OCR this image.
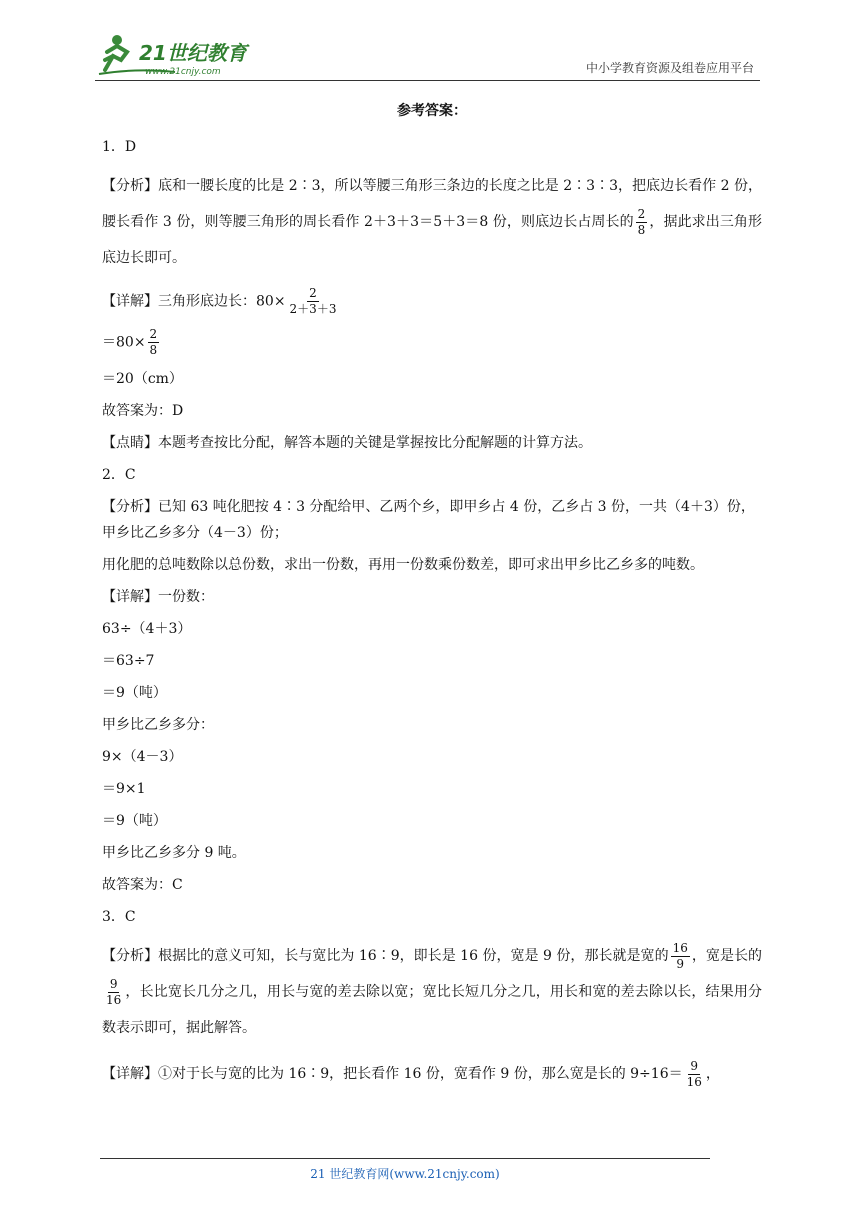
21世纪教育
www.21cnjy.com	中小学教育资源及组卷应用平台
参考答案：
1．D
【分析】底和一腰长度的比是 2∶3，所以等腰三角形三条边的长度之比是 2∶3∶3，把底边长看作 2 份，腰长看作 3 份，则等腰三角形的周长看作 2＋3＋3＝5＋3＝8 份，则底边长占周长的 $\frac{2}{8}$ ，据此求出三角形底边长即可。
【详解】三角形底边长：$80\times \frac{2}{2+3+3}$
$=80\times \frac{2}{8}$
＝20（cm）
故答案为：D
【点睛】本题考查按比分配，解答本题的关键是掌握按比分配解题的计算方法。
2．C
【分析】已知 63 吨化肥按 4∶3 分配给甲、乙两个乡，即甲乡占 4 份，乙乡占 3 份，一共（4＋3）份，
甲乡比乙乡多分（4－3）份；
用化肥的总吨数除以总份数，求出一份数，再用一份数乘份数差，即可求出甲乡比乙乡多的吨数。
【详解】一份数：
63÷（4＋3）
＝63÷7
＝9（吨）
甲乡比乙乡多分：
9×（4－3）
＝9×1
＝9（吨）
甲乡比乙乡多分 9 吨。
故答案为：C
3．C
【分析】根据比的意义可知，长与宽比为 16∶9，即长是 16 份，宽是 9 份，那长就是宽的 $\frac{16}{9}$ ，宽是长的
$\frac{9}{16}$ ，长比宽长几分之几，用长与宽的差去除以宽；宽比长短几分之几，用长和宽的差去除以长，结果用分数表示即可，据此解答。
【详解】①对于长与宽的比为 16∶9，把长看作 16 份，宽看作 9 份，那么宽是长的 $9\div 16= \frac{9}{16}$ ，
21 世纪教育网(www.21cnjy.com)
